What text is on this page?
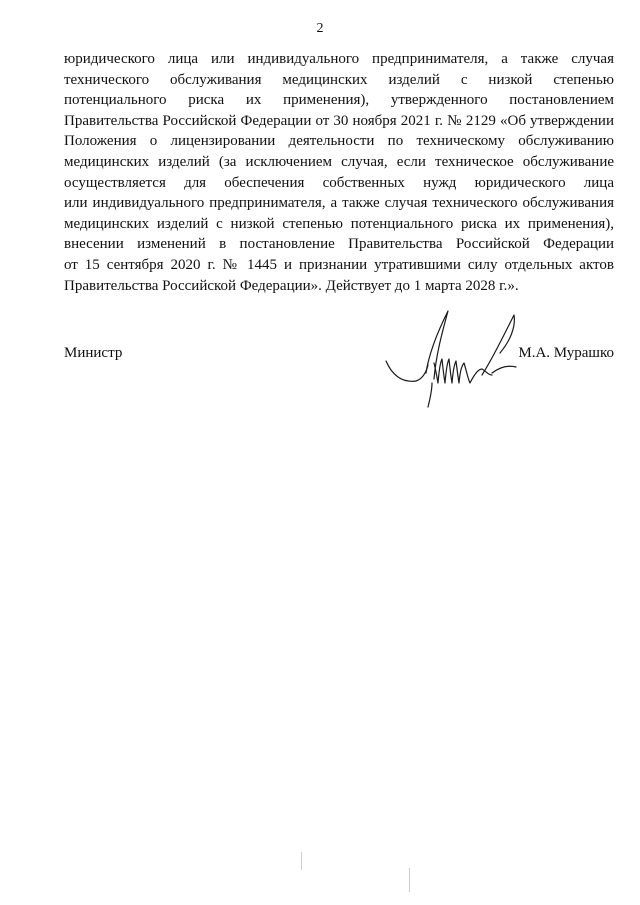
2
юридического лица или индивидуального предпринимателя, а также случая
технического обслуживания медицинских изделий с низкой степенью
потенциального риска их применения), утвержденного постановлением
Правительства Российской Федерации от 30 ноября 2021 г. № 2129 «Об утверждении
Положения о лицензировании деятельности по техническому обслуживанию
медицинских изделий (за исключением случая, если техническое обслуживание
осуществляется для обеспечения собственных нужд юридического лица
или индивидуального предпринимателя, а также случая технического обслуживания
медицинских изделий с низкой степенью потенциального риска их применения),
внесении изменений в постановление Правительства Российской Федерации
от 15 сентября 2020 г. № 1445 и признании утратившими силу отдельных актов
Правительства Российской Федерации». Действует до 1 марта 2028 г.».
Министр	М.А. Мурашко
